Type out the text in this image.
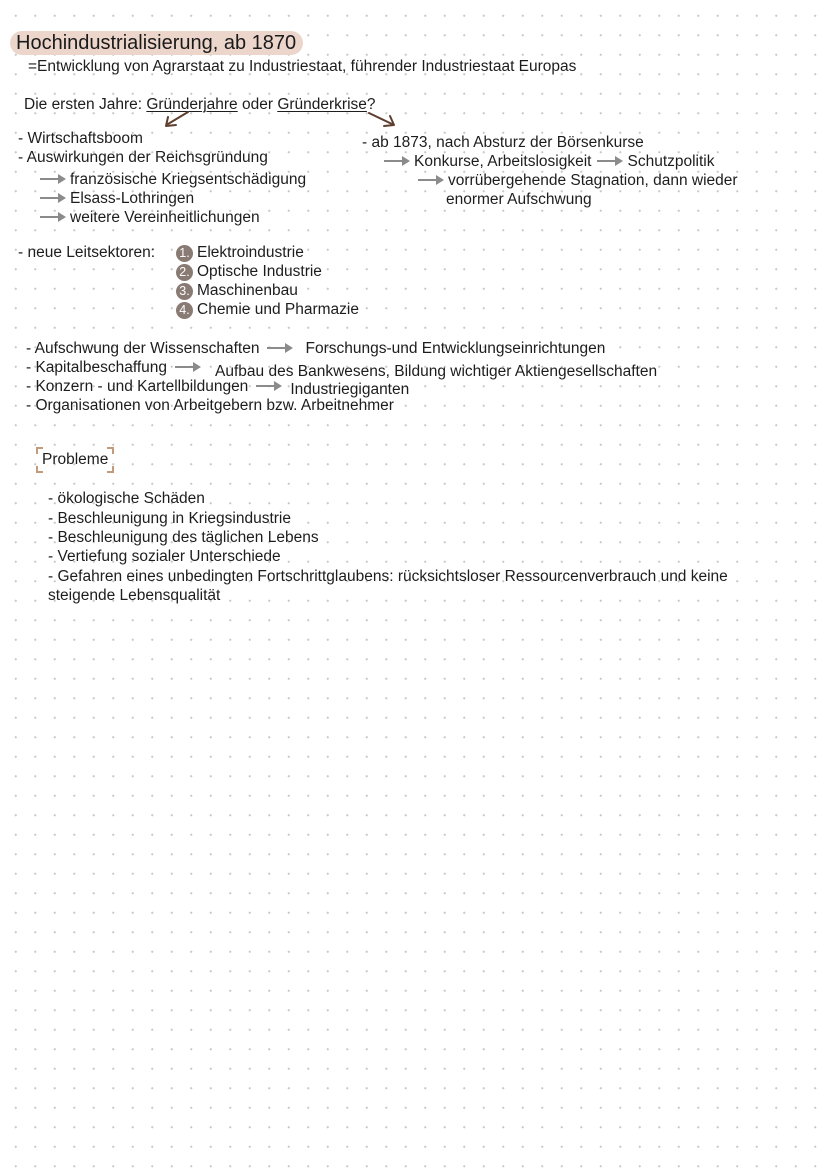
Hochindustrialisierung, ab 1870
=Entwicklung von Agrarstaat zu Industriestaat, führender Industriestaat Europas
Die ersten Jahre: Gründerjahre oder Gründerkrise?
- Wirtschaftsboom
- Auswirkungen der Reichsgründung
französische Kriegsentschädigung
Elsass-Lothringen
weitere Vereinheitlichungen
- ab 1873, nach Absturz der Börsenkurse
Konkurse, Arbeitslosigkeit Schutzpolitik
vorrübergehende Stagnation, dann wieder
enormer Aufschwung
- neue Leitsektoren: 1. Elektroindustrie
2. Optische Industrie
3. Maschinenbau
4. Chemie und Pharmazie
- Aufschwung der Wissenschaften	Forschungs-und Entwicklungseinrichtungen
- Kapitalbeschaffung	Aufbau des Bankwesens, Bildung wichtiger Aktiengesellschaften
- Konzern - und Kartellbildungen	Industriegiganten
- Organisationen von Arbeitgebern bzw. Arbeitnehmer
Probleme
- ökologische Schäden
- Beschleunigung in Kriegsindustrie
- Beschleunigung des täglichen Lebens
- Vertiefung sozialer Unterschiede
- Gefahren eines unbedingten Fortschrittglaubens: rücksichtsloser Ressourcenverbrauch und keine
steigende Lebensqualität
